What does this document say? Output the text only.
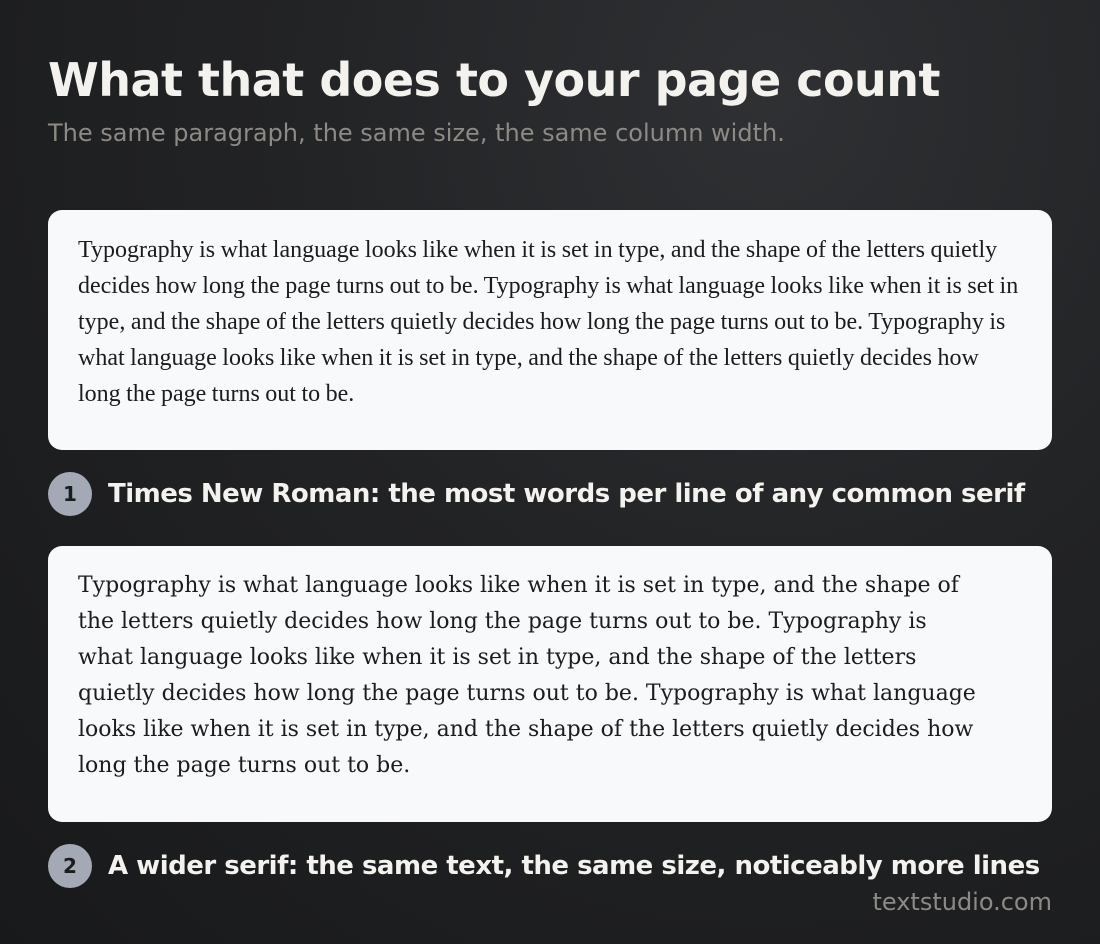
What that does to your page count

The same paragraph, the same size, the same column width.

Typography is what language looks like when it is set in type, and the shape of the letters quietly decides how long the page turns out to be. Typography is what language looks like when it is set in type, and the shape of the letters quietly decides how long the page turns out to be. Typography is what language looks like when it is set in type, and the shape of the letters quietly decides how long the page turns out to be.

1	Times New Roman: the most words per line of any common serif

Typography is what language looks like when it is set in type, and the shape of the letters quietly decides how long the page turns out to be. Typography is what language looks like when it is set in type, and the shape of the letters quietly decides how long the page turns out to be. Typography is what language looks like when it is set in type, and the shape of the letters quietly decides how long the page turns out to be.

2	A wider serif: the same text, the same size, noticeably more lines
textstudio.com
